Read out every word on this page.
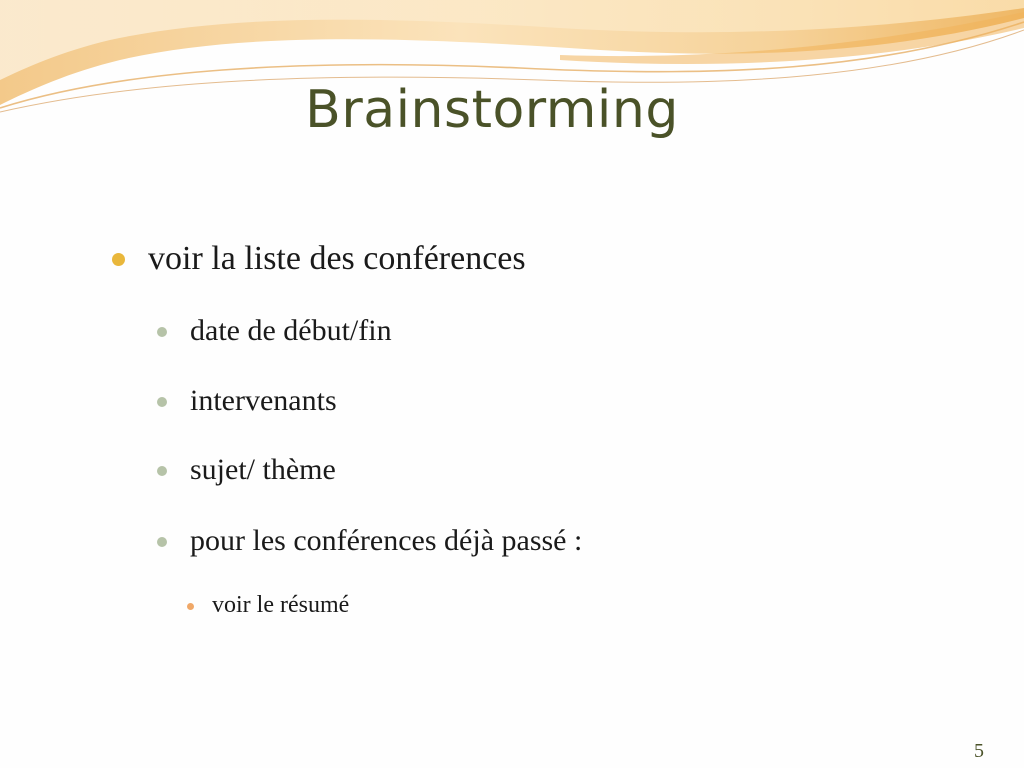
Brainstorming
voir la liste des conférences
date de début/fin
intervenants
sujet/ thème
pour les conférences déjà passé :
voir le résumé
5
